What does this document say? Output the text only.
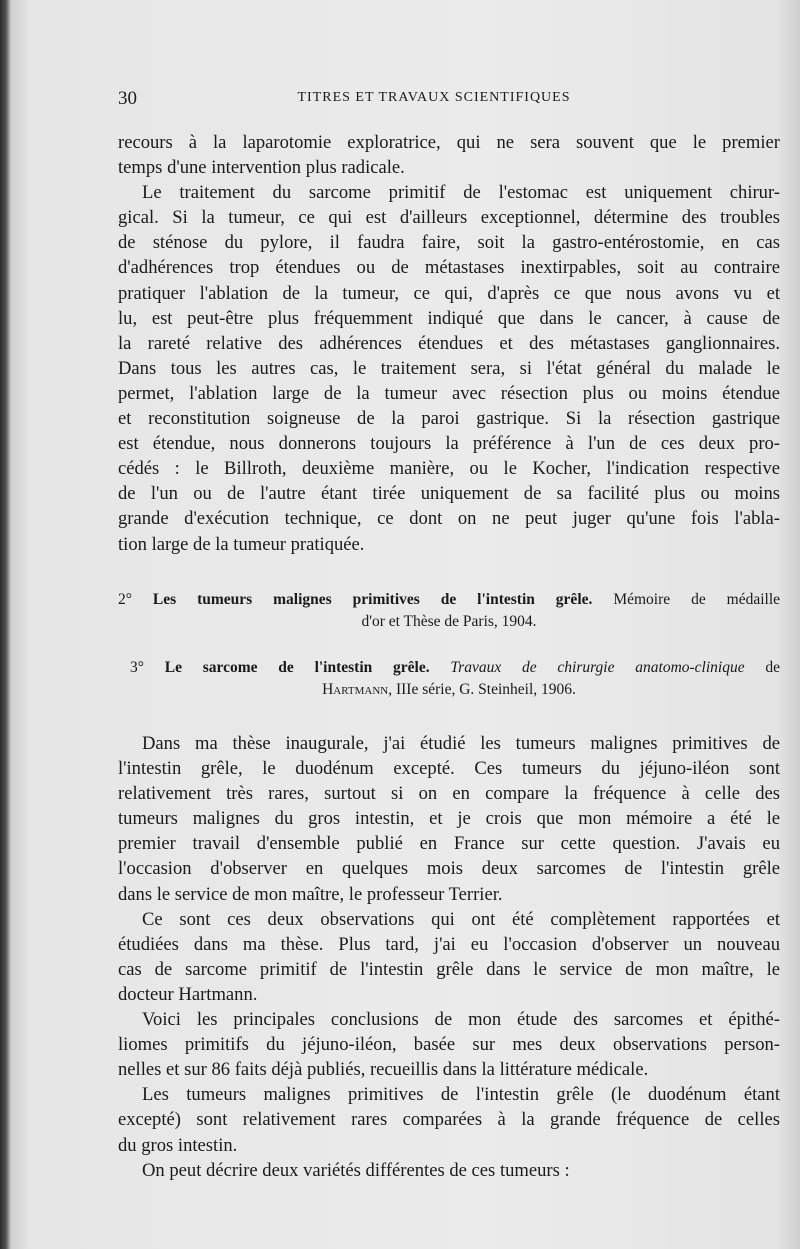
30	TITRES ET TRAVAUX SCIENTIFIQUES
recours à la laparotomie exploratrice, qui ne sera souvent que le premier
temps d'une intervention plus radicale.
Le traitement du sarcome primitif de l'estomac est uniquement chirur-
gical. Si la tumeur, ce qui est d'ailleurs exceptionnel, détermine des troubles
de sténose du pylore, il faudra faire, soit la gastro-entérostomie, en cas
d'adhérences trop étendues ou de métastases inextirpables, soit au contraire
pratiquer l'ablation de la tumeur, ce qui, d'après ce que nous avons vu et
lu, est peut-être plus fréquemment indiqué que dans le cancer, à cause de
la rareté relative des adhérences étendues et des métastases ganglionnaires.
Dans tous les autres cas, le traitement sera, si l'état général du malade le
permet, l'ablation large de la tumeur avec résection plus ou moins étendue
et reconstitution soigneuse de la paroi gastrique. Si la résection gastrique
est étendue, nous donnerons toujours la préférence à l'un de ces deux pro-
cédés : le Billroth, deuxième manière, ou le Kocher, l'indication respective
de l'un ou de l'autre étant tirée uniquement de sa facilité plus ou moins
grande d'exécution technique, ce dont on ne peut juger qu'une fois l'abla-
tion large de la tumeur pratiquée.
2° Les tumeurs malignes primitives de l'intestin grêle. Mémoire de médaille
d'or et Thèse de Paris, 1904.
3° Le sarcome de l'intestin grêle. Travaux de chirurgie anatomo-clinique de
Hartmann, IIIe série, G. Steinheil, 1906.
Dans ma thèse inaugurale, j'ai étudié les tumeurs malignes primitives de
l'intestin grêle, le duodénum excepté. Ces tumeurs du jéjuno-iléon sont
relativement très rares, surtout si on en compare la fréquence à celle des
tumeurs malignes du gros intestin, et je crois que mon mémoire a été le
premier travail d'ensemble publié en France sur cette question. J'avais eu
l'occasion d'observer en quelques mois deux sarcomes de l'intestin grêle
dans le service de mon maître, le professeur Terrier.
Ce sont ces deux observations qui ont été complètement rapportées et
étudiées dans ma thèse. Plus tard, j'ai eu l'occasion d'observer un nouveau
cas de sarcome primitif de l'intestin grêle dans le service de mon maître, le
docteur Hartmann.
Voici les principales conclusions de mon étude des sarcomes et épithé-
liomes primitifs du jéjuno-iléon, basée sur mes deux observations person-
nelles et sur 86 faits déjà publiés, recueillis dans la littérature médicale.
Les tumeurs malignes primitives de l'intestin grêle (le duodénum étant
excepté) sont relativement rares comparées à la grande fréquence de celles
du gros intestin.
On peut décrire deux variétés différentes de ces tumeurs :
